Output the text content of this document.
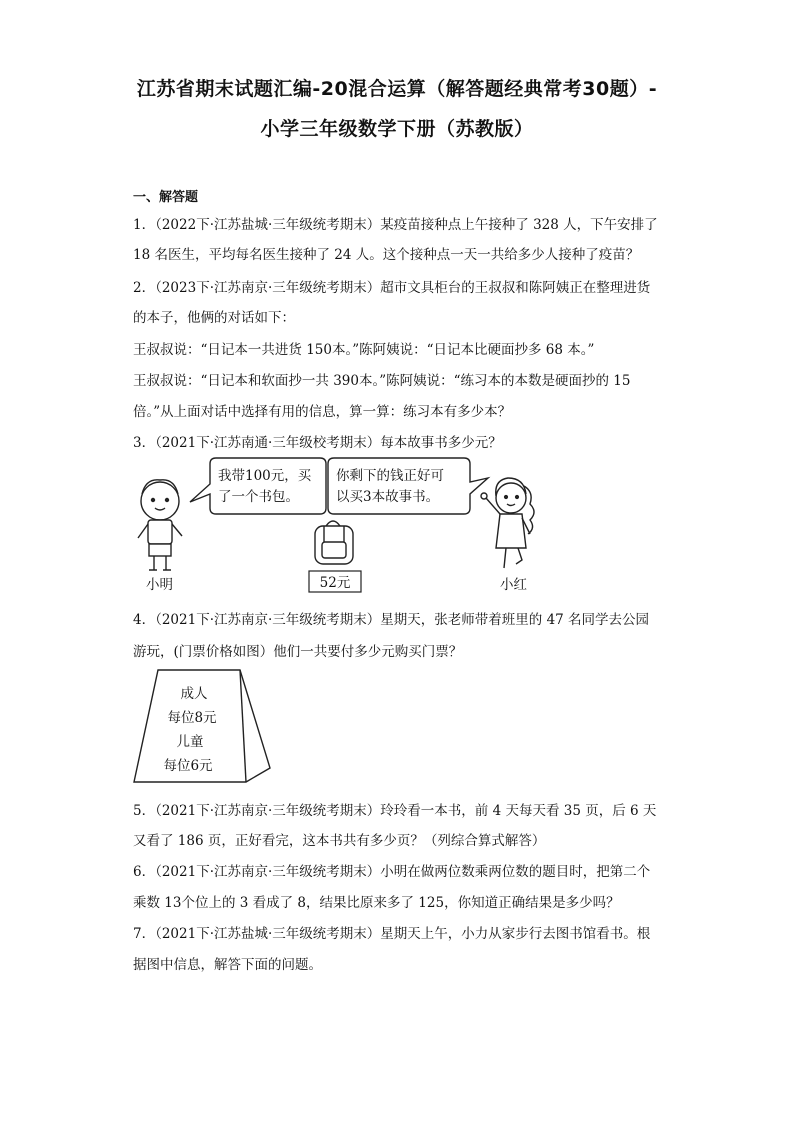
江苏省期末试题汇编-20混合运算（解答题经典常考30题）-
小学三年级数学下册（苏教版）
一、解答题
1．（2022下·江苏盐城·三年级统考期末）某疫苗接种点上午接种了 328 人，下午安排了
18 名医生，平均每名医生接种了 24 人。这个接种点一天一共给多少人接种了疫苗？
2．（2023下·江苏南京·三年级统考期末）超市文具柜台的王叔叔和陈阿姨正在整理进货
的本子，他俩的对话如下：
王叔叔说：“日记本一共进货 150本。”陈阿姨说：“日记本比硬面抄多 68 本。”
王叔叔说：“日记本和软面抄一共 390本。”陈阿姨说：“练习本的本数是硬面抄的 15
倍。”从上面对话中选择有用的信息，算一算：练习本有多少本？
3．（2021下·江苏南通·三年级校考期末）每本故事书多少元？
小明
我带100元，买
了一个书包。
你剩下的钱正好可
以买3本故事书。
52元	小红
4．（2021下·江苏南京·三年级统考期末）星期天，张老师带着班里的 47 名同学去公园
游玩，(门票价格如图）他们一共要付多少元购买门票？
成人
每位8元
儿童
每位6元
5．（2021下·江苏南京·三年级统考期末）玲玲看一本书，前 4 天每天看 35 页，后 6 天
又看了 186 页，正好看完，这本书共有多少页？（列综合算式解答）
6．（2021下·江苏南京·三年级统考期末）小明在做两位数乘两位数的题目时，把第二个
乘数 13个位上的 3 看成了 8，结果比原来多了 125，你知道正确结果是多少吗？
7．（2021下·江苏盐城·三年级统考期末）星期天上午，小力从家步行去图书馆看书。根
据图中信息，解答下面的问题。
